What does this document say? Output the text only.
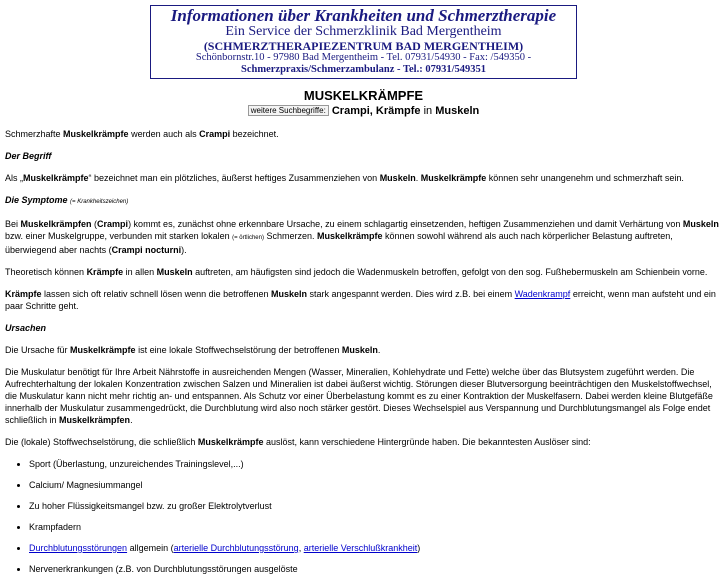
Informationen über Krankheiten und Schmerztherapie
Ein Service der Schmerzklinik Bad Mergentheim
(SCHMERZTHERAPIEZENTRUM BAD MERGENTHEIM)
Schönbornstr.10 - 97980 Bad Mergentheim - Tel. 07931/54930 - Fax: /549350 -
Schmerzpraxis/Schmerzambulanz - Tel.: 07931/549351
MUSKELKRÄMPFE
weitere Suchbegriffe: Crampi, Krämpfe in Muskeln

Schmerzhafte Muskelkrämpfe werden auch als Crampi bezeichnet.

Der Begriff

Als „Muskelkrämpfe“ bezeichnet man ein plötzliches, äußerst heftiges Zusammenziehen von Muskeln. Muskelkrämpfe können sehr unangenehm und schmerzhaft sein.

Die Symptome (= Krankheitszeichen)

Bei Muskelkrämpfen (Crampi) kommt es, zunächst ohne erkennbare Ursache, zu einem schlagartig einsetzenden, heftigen Zusammenziehen und damit Verhärtung von Muskeln bzw. einer Muskelgruppe, verbunden mit starken lokalen (= örtlichen) Schmerzen. Muskelkrämpfe können sowohl während als auch nach körperlicher Belastung auftreten, überwiegend aber nachts (Crampi nocturni).

Theoretisch können Krämpfe in allen Muskeln auftreten, am häufigsten sind jedoch die Wadenmuskeln betroffen, gefolgt von den sog. Fußhebermuskeln am Schienbein vorne.

Krämpfe lassen sich oft relativ schnell lösen wenn die betroffenen Muskeln stark angespannt werden. Dies wird z.B. bei einem Wadenkrampf erreicht, wenn man aufsteht und ein paar Schritte geht.

Ursachen

Die Ursache für Muskelkrämpfe ist eine lokale Stoffwechselstörung der betroffenen Muskeln.

Die Muskulatur benötigt für Ihre Arbeit Nährstoffe in ausreichenden Mengen (Wasser, Mineralien, Kohlehydrate und Fette) welche über das Blutsystem zugeführt werden. Die Aufrechterhaltung der lokalen Konzentration zwischen Salzen und Mineralien ist dabei äußerst wichtig. Störungen dieser Blutversorgung beeinträchtigen den Muskelstoffwechsel, die Muskulatur kann nicht mehr richtig an- und entspannen. Als Schutz vor einer Überbelastung kommt es zu einer Kontraktion der Muskelfasern. Dabei werden kleine Blutgefäße innerhalb der Muskulatur zusammengedrückt, die Durchblutung wird also noch stärker gestört. Dieses Wechselspiel aus Verspannung und Durchblutungsmangel als Folge endet schließlich in Muskelkrämpfen.

Die (lokale) Stoffwechselstörung, die schließlich Muskelkrämpfe auslöst, kann verschiedene Hintergründe haben. Die bekanntesten Auslöser sind:

• Sport (Überlastung, unzureichendes Trainingslevel,...)
• Calcium/ Magnesiummangel
• Zu hoher Flüssigkeitsmangel bzw. zu großer Elektrolytverlust
• Krampfadern
• Durchblutungsstörungen allgemein (arterielle Durchblutungsstörung, arterielle Verschlußkrankheit)
• Nervenerkrankungen (z.B. von Durchblutungsstörungen ausgelöste
